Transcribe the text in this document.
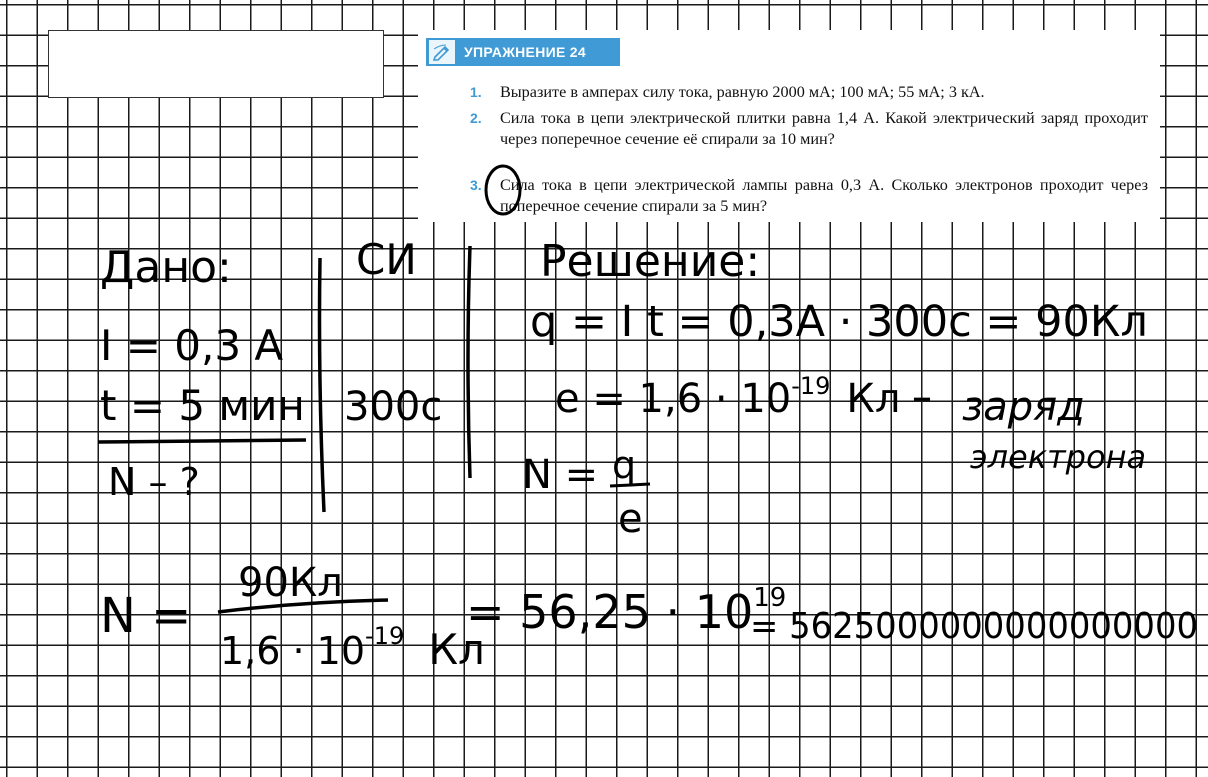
УПРАЖНЕНИЕ 24
1. Выразите в амперах силу тока, равную 2000 мА; 100 мА; 55 мА; 3 кА.
2. Сила тока в цепи электрической плитки равна 1,4 А. Какой электрический заряд проходит через поперечное сечение её спирали за 10 мин?
3. Сила тока в цепи электрической лампы равна 0,3 А. Сколько электронов проходит через поперечное сечение спирали за 5 мин?
Дано:
I = 0,3 А
t = 5 мин
N – ?
СИ
300с
Решение:
q = I t = 0,3А · 300с = 90Кл
$е = 1,6 \cdot 10^{-19}$ Кл – заряд
электрона
N = q
е
N =
90Кл
$1,6 \cdot 10^{-19}$ Кл
= $56,25 \cdot 10^{19}$
= 5625000000000000000
